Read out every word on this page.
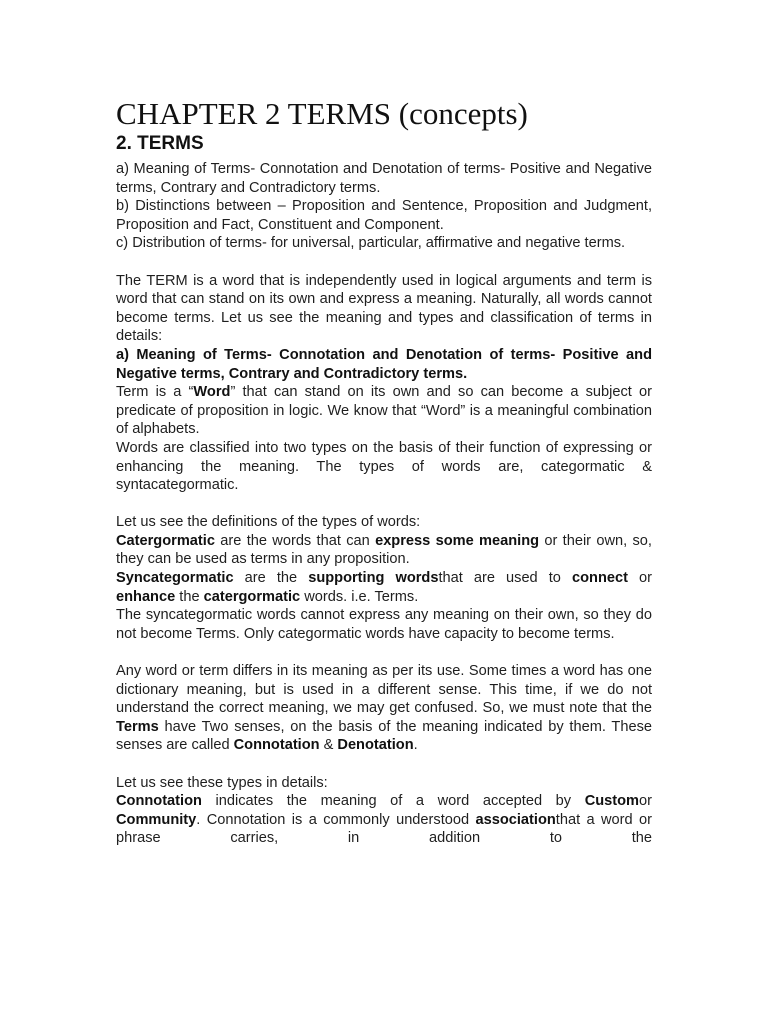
CHAPTER 2 TERMS (concepts)
2. TERMS

a) Meaning of Terms- Connotation and Denotation of terms- Positive and Negative terms, Contrary and Contradictory terms.

b) Distinctions between – Proposition and Sentence, Proposition and Judgment, Proposition and Fact, Constituent and Component.

c) Distribution of terms- for universal, particular, affirmative and negative terms.

The TERM is a word that is independently used in logical arguments and term is word that can stand on its own and express a meaning. Naturally, all words cannot become terms. Let us see the meaning and types and classification of terms in details:

a) Meaning of Terms- Connotation and Denotation of terms- Positive and Negative terms, Contrary and Contradictory terms.

Term is a “Word” that can stand on its own and so can become a subject or predicate of proposition in logic. We know that “Word” is a meaningful combination of alphabets.

Words are classified into two types on the basis of their function of expressing or enhancing the meaning. The types of words are, categormatic & syntacategormatic.

Let us see the definitions of the types of words:

Catergormatic are the words that can express some meaning or their own, so, they can be used as terms in any proposition.

Syncategormatic are the supporting wordsthat are used to connect or enhance the catergormatic words. i.e. Terms.

The syncategormatic words cannot express any meaning on their own, so they do not become Terms. Only categormatic words have capacity to become terms.

Any word or term differs in its meaning as per its use. Some times a word has one dictionary meaning, but is used in a different sense. This time, if we do not understand the correct meaning, we may get confused. So, we must note that the Terms have Two senses, on the basis of the meaning indicated by them. These senses are called Connotation & Denotation.

Let us see these types in details:

Connotation indicates the meaning of a word accepted by Customor Community. Connotation is a commonly understood associationthat a word or phrase carries, in addition to the
